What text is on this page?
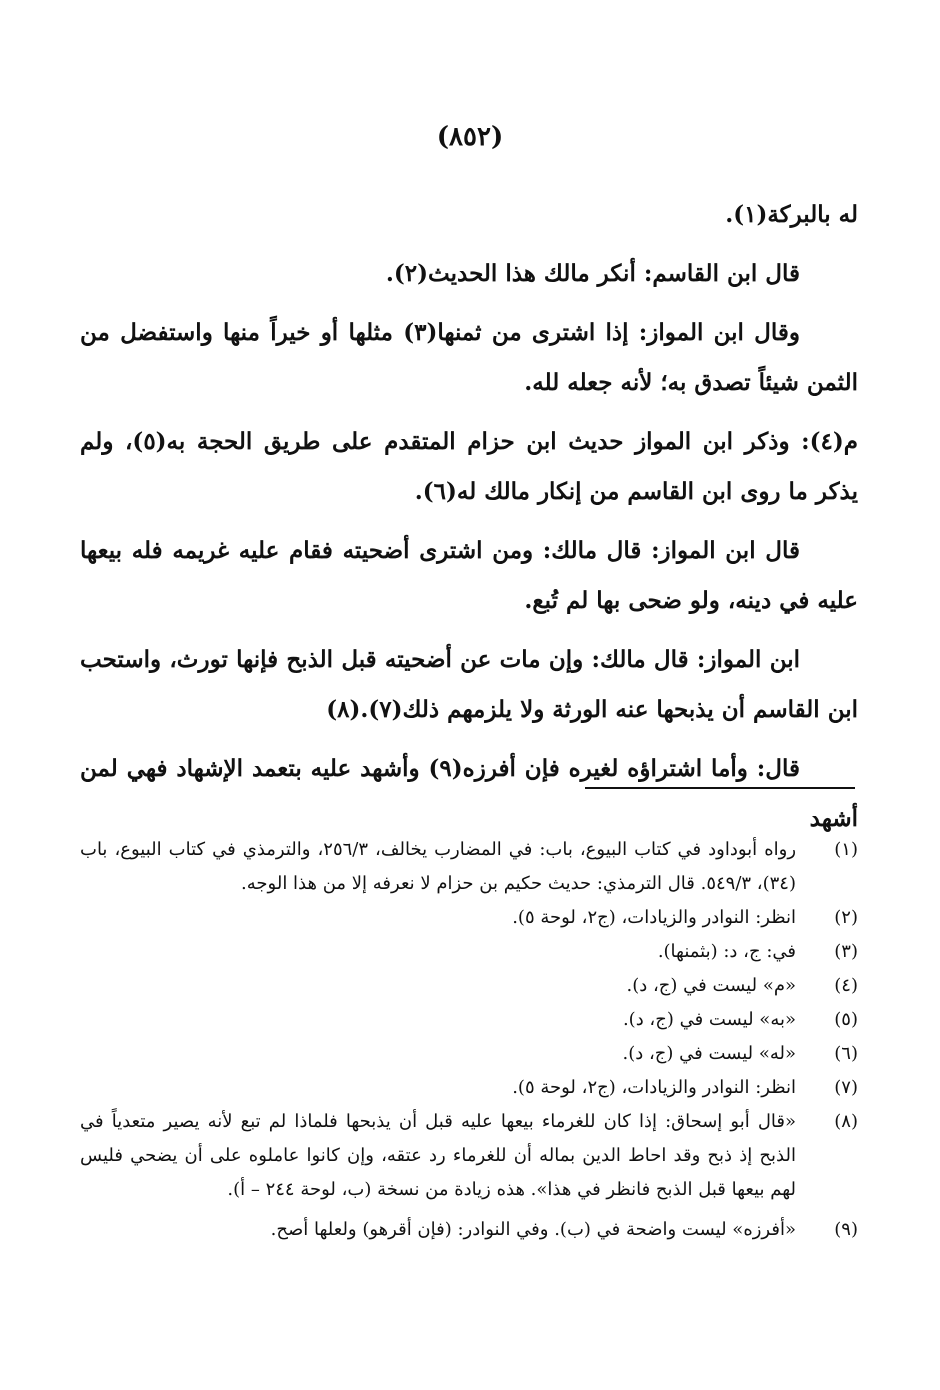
(٨٥٢)

له بالبركة(١).

قال ابن القاسم: أنكر مالك هذا الحديث(٢).

وقال ابن المواز: إذا اشترى من ثمنها(٣) مثلها أو خيراً منها واستفضل من الثمن شيئاً تصدق به؛ لأنه جعله لله.

م(٤): وذكر ابن المواز حديث ابن حزام المتقدم على طريق الحجة به(٥)، ولم يذكر ما روى ابن القاسم من إنكار مالك له(٦).

قال ابن المواز: قال مالك: ومن اشترى أضحيته فقام عليه غريمه فله بيعها عليه في دينه، ولو ضحى بها لم تُبع.

ابن المواز: قال مالك: وإن مات عن أضحيته قبل الذبح فإنها تورث، واستحب ابن القاسم أن يذبحها عنه الورثة ولا يلزمهم ذلك(٧).(٨)

قال: وأما اشتراؤه لغيره فإن أفرزه(٩) وأشهد عليه بتعمد الإشهاد فهي لمن أشهد

(١)
رواه أبوداود في كتاب البيوع، باب: في المضارب يخالف، ٢٥٦/٣، والترمذي في كتاب البيوع، باب (٣٤)، ٥٤٩/٣. قال الترمذي: حديث حكيم بن حزام لا نعرفه إلا من هذا الوجه.
(٢)
انظر: النوادر والزيادات، (ج٢، لوحة ٥).
(٣)
في: ج، د: (بثمنها).
(٤)
«م» ليست في (ج، د).
(٥)
«به» ليست في (ج، د).
(٦)
«له» ليست في (ج، د).
(٧)
انظر: النوادر والزيادات، (ج٢، لوحة ٥).
(٨)
«قال أبو إسحاق: إذا كان للغرماء بيعها عليه قبل أن يذبحها فلماذا لم تبع لأنه يصير متعدياً في الذبح إذ ذبح وقد احاط الدين بماله أن للغرماء رد عتقه، وإن كانوا عاملوه على أن يضحي فليس لهم بيعها قبل الذبح فانظر في هذا». هذه زيادة من نسخة (ب، لوحة ٢٤٤ – أ).
(٩)
«أفرزه» ليست واضحة في (ب). وفي النوادر: (فإن أقرهو) ولعلها أصح.
